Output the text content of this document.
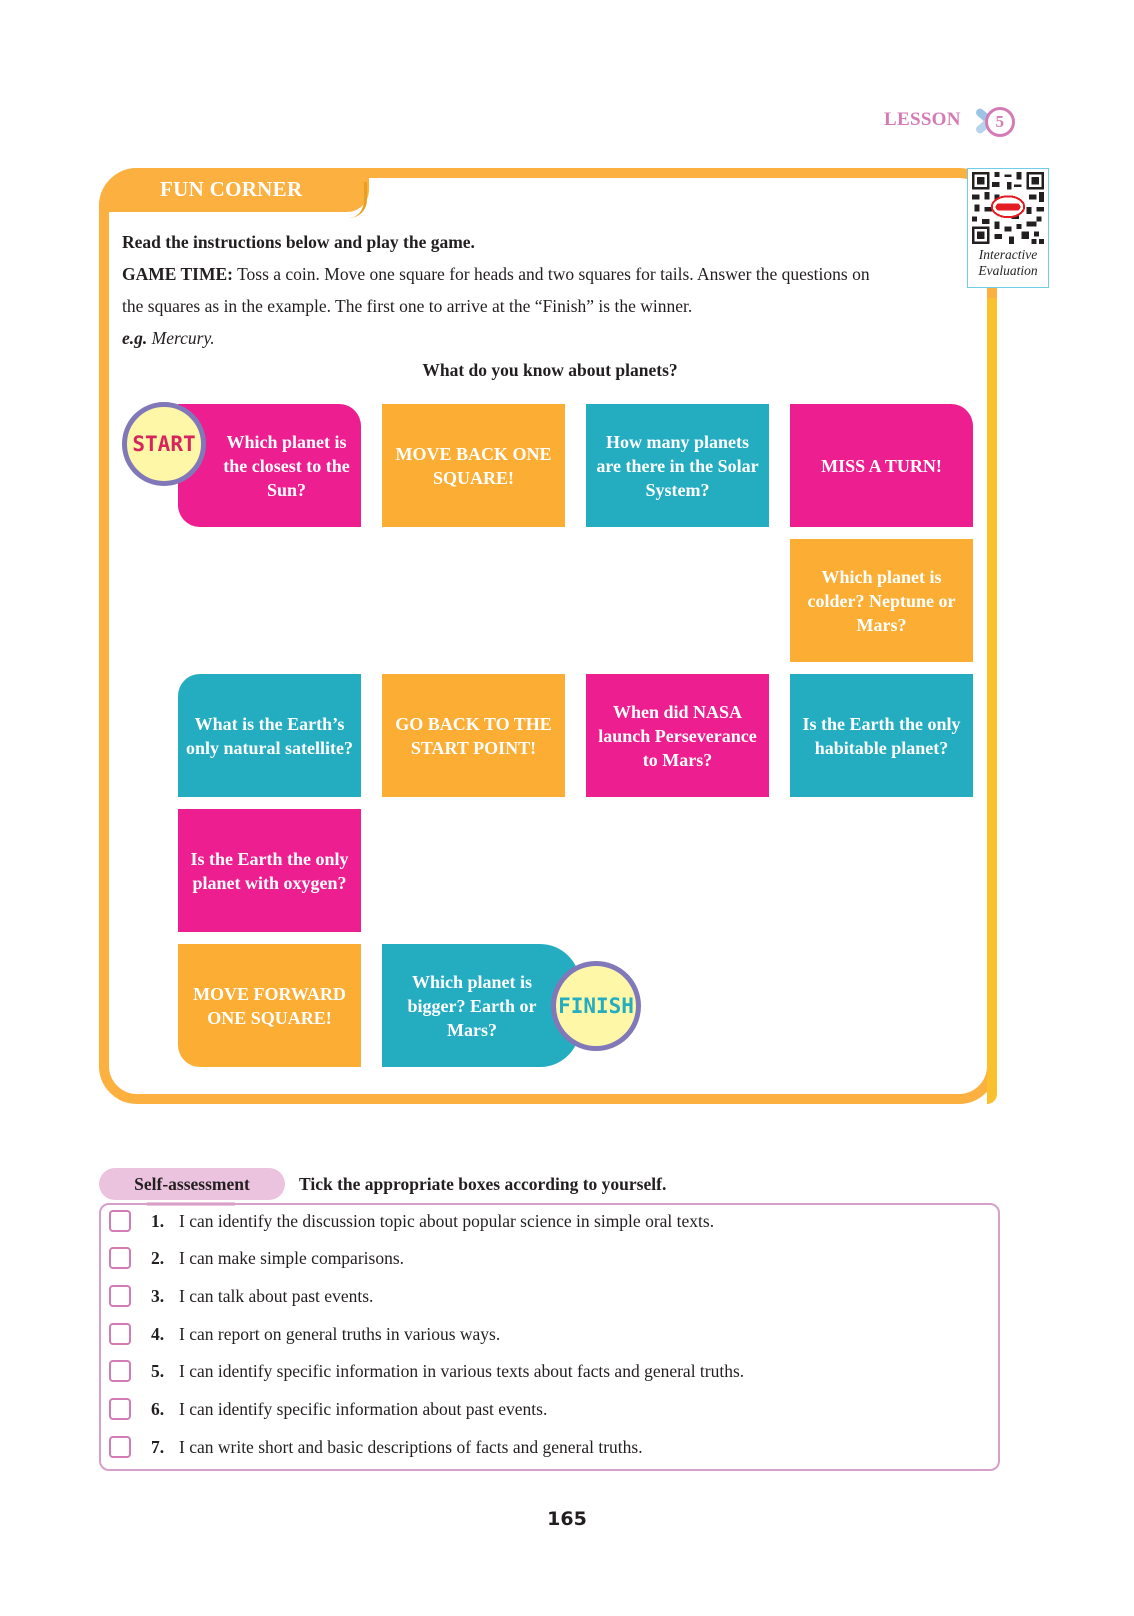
LESSON	5
FUN CORNER
Interactive
Evaluation
Read the instructions below and play the game.
GAME TIME: Toss a coin. Move one square for heads and two squares for tails. Answer the questions on
the squares as in the example. The first one to arrive at the “Finish” is the winner.
e.g. Mercury.
What do you know about planets?
Which planet is the closest to the Sun?
MOVE BACK ONE SQUARE!
How many planets are there in the Solar System?
MISS A TURN!
Which planet is colder? Neptune or Mars?
Is the Earth the only habitable planet?
When did NASA launch Perseverance to Mars?
GO BACK TO THE START POINT!
What is the Earth’s only natural satellite?
Is the Earth the only planet with oxygen?
MOVE FORWARD ONE SQUARE!
Which planet is bigger? Earth or Mars?
START
FINISH
Self-assessment	Tick the appropriate boxes according to yourself.
1. I can identify the discussion topic about popular science in simple oral texts.
2. I can make simple comparisons.
3. I can talk about past events.
4. I can report on general truths in various ways.
5. I can identify specific information in various texts about facts and general truths.
6. I can identify specific information about past events.
7. I can write short and basic descriptions of facts and general truths.
165
